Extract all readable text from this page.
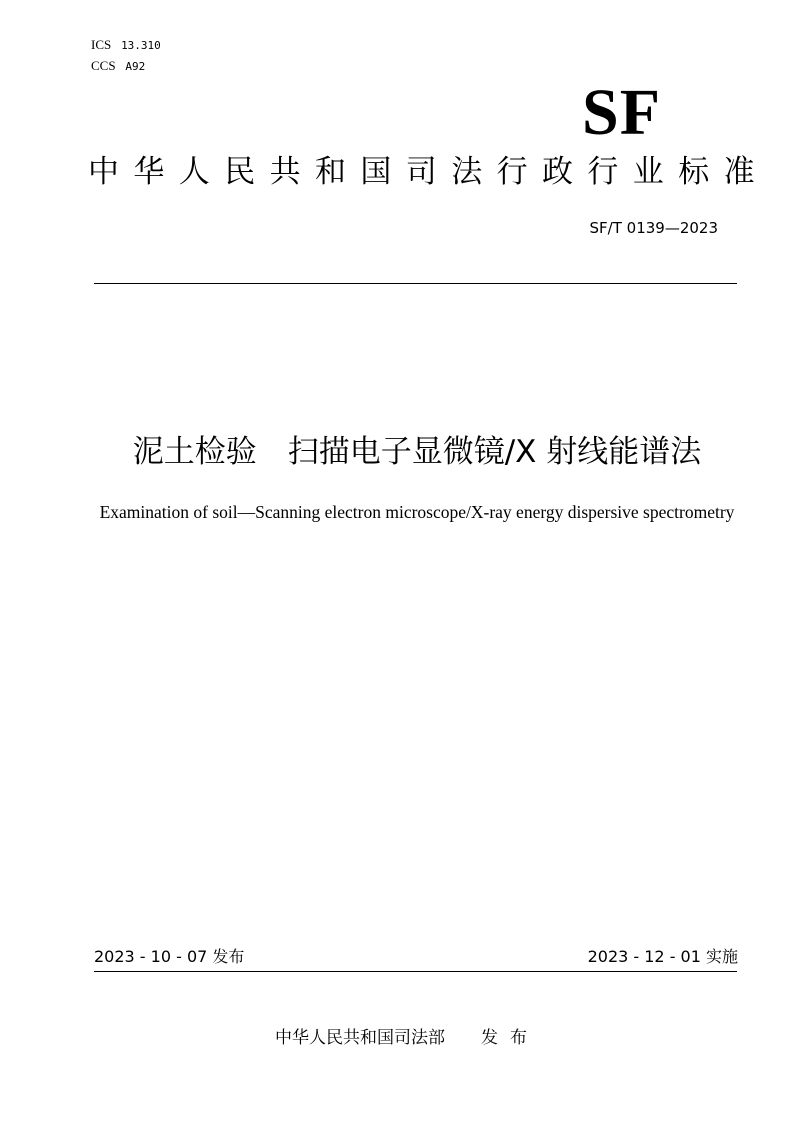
ICS 13.310
CCS A92
SF
中华人民共和国司法行政行业标准
SF/T 0139—2023
泥土检验　扫描电子显微镜/X 射线能谱法
Examination of soil—Scanning electron microscope/X-ray energy dispersive spectrometry
2023 - 10 - 07 发布	2023 - 12 - 01 实施
中华人民共和国司法部 发布
